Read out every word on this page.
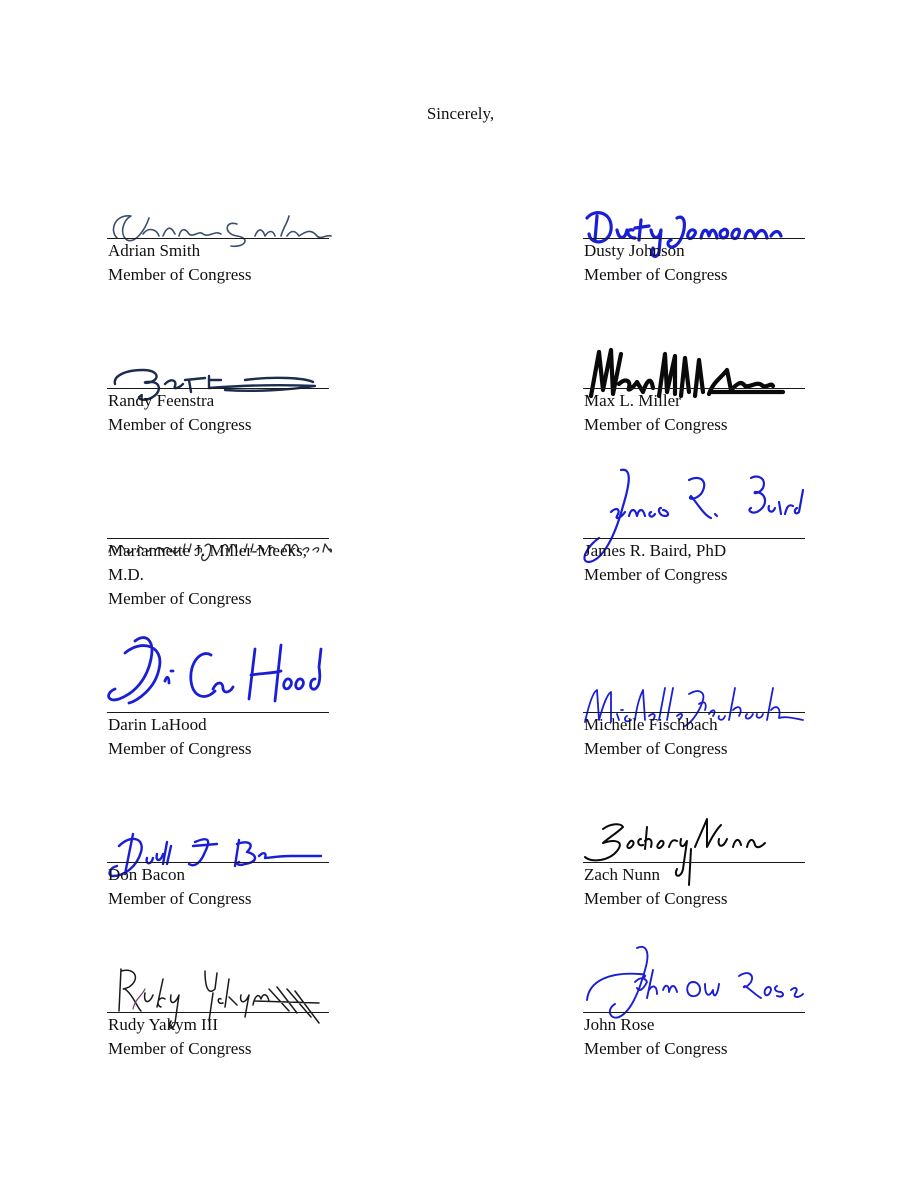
Sincerely,
Adrian Smith
Member of Congress
Dusty Johnson
Member of Congress
Randy Feenstra
Member of Congress
Max L. Miller
Member of Congress
Mariannette J. Miller-Meeks,
M.D.
Member of Congress
James R. Baird, PhD
Member of Congress
Darin LaHood
Member of Congress
Michelle Fischbach
Member of Congress
Don Bacon
Member of Congress
Zach Nunn
Member of Congress
Rudy Yakym III
Member of Congress
John Rose
Member of Congress
